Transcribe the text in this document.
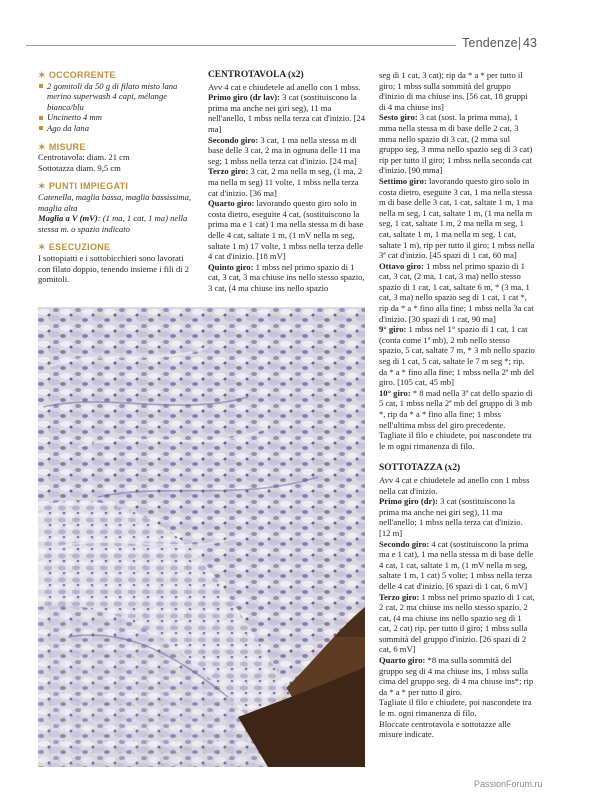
Tendenze 43
✶ OCCORRENTE

2 gomitoli da 50 g di filato misto lana merino superwash 4 capi, mélange bianco/blu

Uncinetto 4 mm

Ago da lana

✶ MISURE

Centrotavola: diam. 21 cm

Sottotazza diam. 9,5 cm

✶ PUNTI IMPIEGATI

Catenella, maglia bassa, maglia bassissima, maglia alta

Maglia a V (mV): (1 ma, 1 cat, 1 ma) nella stessa m. o spazio indicato

✶ ESECUZIONE

I sottopiatti e i sottobicchieri sono lavorati con filato doppio, tenendo insieme i fili di 2 gomitoli.

CENTROTAVOLA (x2)

Avv 4 cat e chiudetele ad anello con 1 mbss.

Primo giro (dr lav): 3 cat (sostituiscono la prima ma anche nei giri seg), 11 ma nell'anello, 1 mbss nella terza cat d'inizio. [24 ma]

Secondo giro: 3 cat, 1 ma nella stessa m di base delle 3 cat, 2 ma in ognuna delle 11 ma seg; 1 mbss nella terza cat d'inizio. [24 ma]

Terzo giro: 3 cat, 2 ma nella m seg, (1 ma, 2 ma nella m seg) 11 volte, 1 mbss nella terza cat d'inizio. [36 ma]

Quarto giro: lavorando questo giro solo in costa dietro, eseguite 4 cat, (sostituiscono la prima ma e 1 cat) 1 ma nella stessa m di base delle 4 cat, saltate 1 m, (1 mV nella m seg, saltate 1 m) 17 volte, 1 mbss nella terza delle 4 cat d'inizio. [18 mV]

Quinto giro: 1 mbss nel primo spazio di 1 cat, 3 cat, 3 ma chiuse ins nello stesso spazio, 3 cat, (4 ma chiuse ins nello spazio

seg di 1 cat, 3 cat); rip da * a * per tutto il giro; 1 mbss sulla sommità del gruppo d'inizio di ma chiuse ins. [56 cat, 18 gruppi di 4 ma chiuse ins]

Sesto giro: 3 cat (sost. la prima mma), 1 mma nella stessa m di base delle 2 cat, 3 mma nello spazio di 3 cat, (2 mma sul gruppo seg, 3 mma nello spazio seg di 3 cat) rip per tutto il giro; 1 mbss nella seconda cat d'inizio. [90 mma]

Settimo giro: lavorando questo giro solo in costa dietro, eseguite 3 cat, 1 ma nella stessa m di base delle 3 cat, 1 cat, saltate 1 m, 1 ma nella m seg, 1 cat, saltate 1 m, (1 ma nella m seg, 1 cat, saltate 1 m, 2 ma nella m seg, 1 cat, saltate 1 m, 1 ma nella m seg, 1 cat, saltate 1 m), rip per tutto il giro; 1 mbss nella 3ª cat d'inizio. [45 spazi di 1 cat, 60 ma]

Ottavo giro: 1 mbss nel primo spazio di 1 cat, 3 cat, (2 ma, 1 cat, 3 ma) nello stesso spazio di 1 cat, 1 cat, saltate 6 m, * (3 ma, 1 cat, 3 ma) nello spazio seg di 1 cat, 1 cat *, rip da * a * fino alla fine; 1 mbss nella 3a cat d'inizio. [30 spazi di 1 cat, 90 ma]

9° giro: 1 mbss nel 1° spazio di 1 cat, 1 cat (conta come 1ª mb), 2 mb nello stesso spazio, 5 cat, saltate 7 m, * 3 mb nello spazio seg di 1 cat, 5 cat, saltate le 7 m seg *; rip. da * a * fino alla fine; 1 mbss nella 2ª mb del giro. [105 cat, 45 mb]

10° giro: * 8 mad nella 3ª cat dello spazio di 5 cat, 1 mbss nella 2ª mb del gruppo di 3 mb *, rip da * a * fino alla fine; 1 mbss nell'ultima mbss del giro precedente.

Tagliate il filo e chiudete, poi nascondete tra le m ogni rimanenza di filo.

SOTTOTAZZA (x2)

Avv 4 cat e chiudetele ad anello con 1 mbss nella cat d'inizio.

Primo giro (dr): 3 cat (sostituiscono la prima ma anche nei giri seg), 11 ma nell'anello; 1 mbss nella terza cat d'inizio. [12 m]

Secondo giro: 4 cat (sostituiscono la prima ma e 1 cat), 1 ma nella stessa m di base delle 4 cat, 1 cat, saltate 1 m, (1 mV nella m seg, saltate 1 m, 1 cat) 5 volte; 1 mbss nella terza delle 4 cat d'inizio. [6 spazi di 1 cat, 6 mV]

Terzo giro: 1 mbss nel primo spazio di 1 cat, 2 cat, 2 ma chiuse ins nello stesso spazio, 2 cat, (4 ma chiuse ins nello spazio seg di 1 cat, 2 cat) rip. per tutto il giro; 1 mbss sulla sommità del gruppo d'inizio. [26 spazi di 2 cat, 6 mV]

Quarto giro: *8 ma sulla sommità del gruppo seg di 4 ma chiuse ins, 1 mbss sulla cima del gruppo seg. di 4 ma chiuse ins*; rip da * a * per tutto il giro.

Tagliate il filo e chiudete, poi nascondete tra le m. ogni rimanenza di filo.

Bloccate centrotavola e sottotazze alle misure indicate.

PassionForum.ru
